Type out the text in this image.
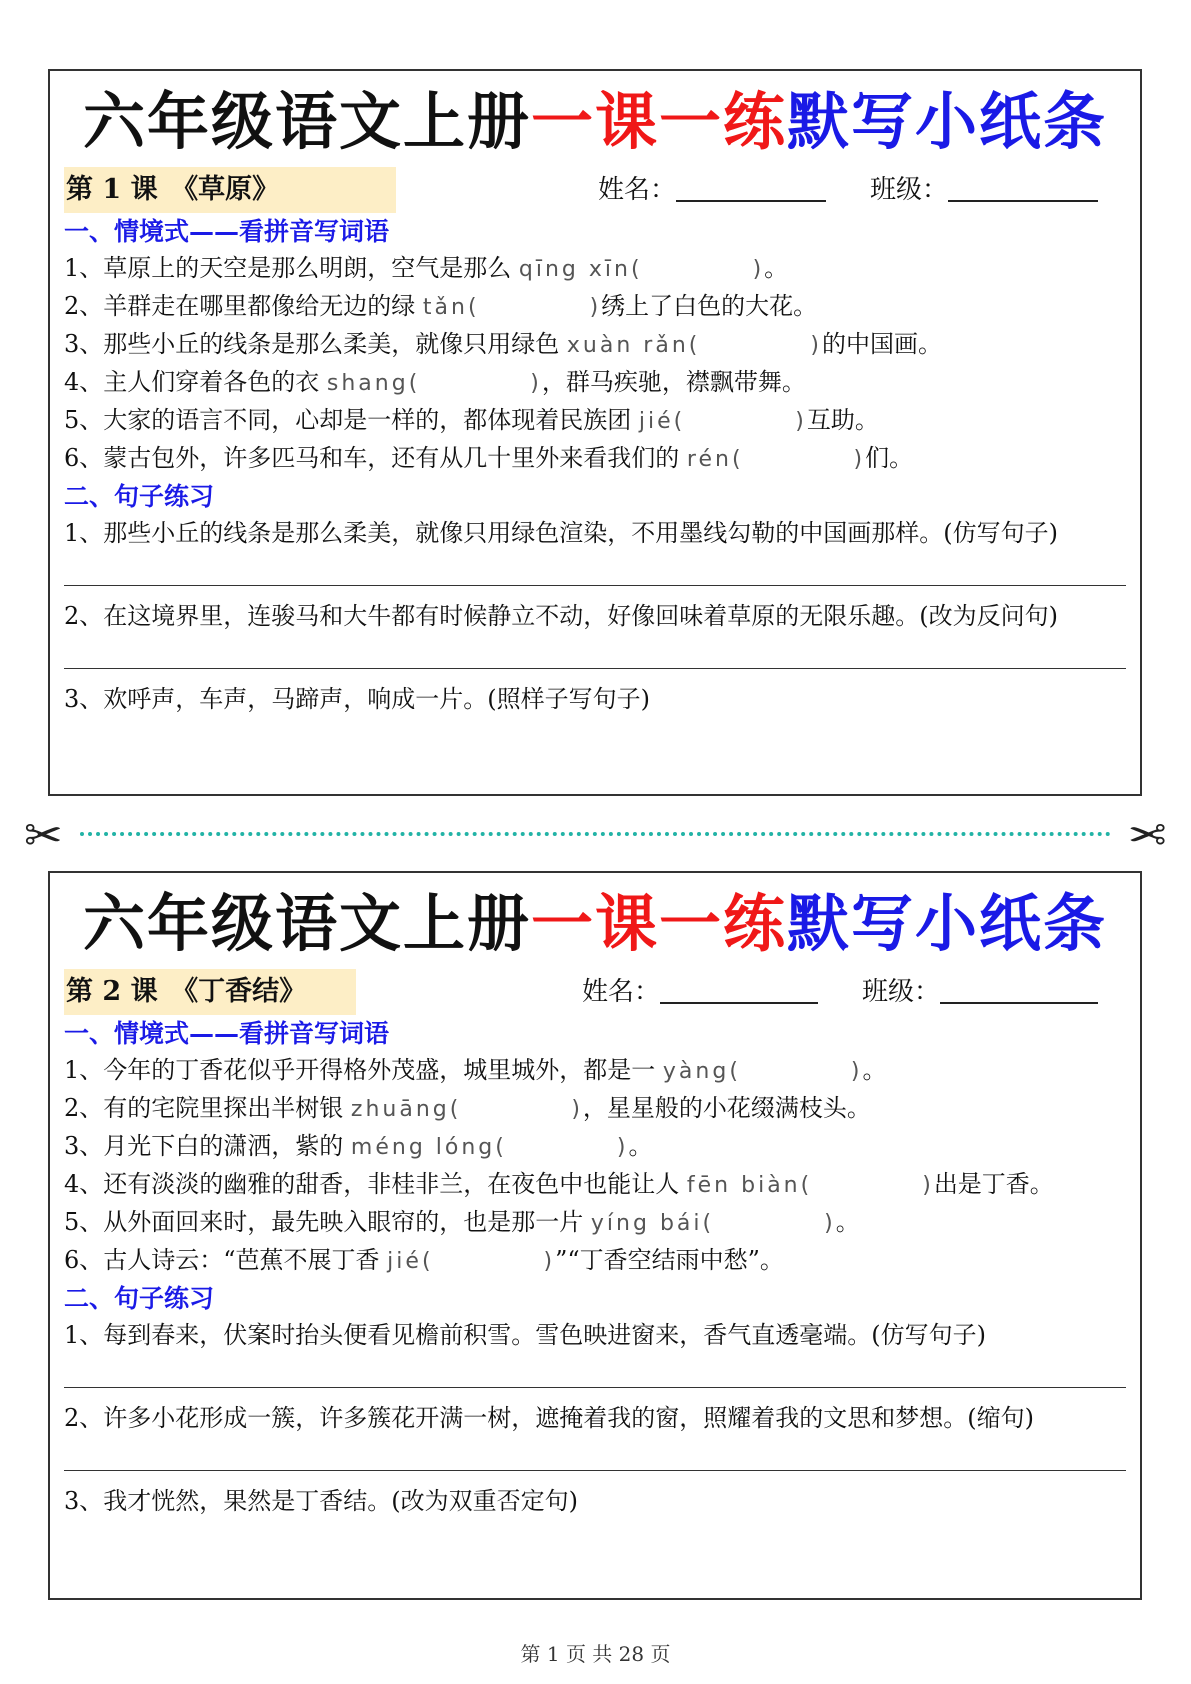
六年级语文上册一课一练默写小纸条
第 1 课　《草原》	姓名：	班级：
一、情境式——看拼音写词语
1、草原上的天空是那么明朗，空气是那么 qīng xīn(	)。
2、羊群走在哪里都像给无边的绿 tǎn(	)绣上了白色的大花。
3、那些小丘的线条是那么柔美，就像只用绿色 xuàn rǎn(	)的中国画。
4、主人们穿着各色的衣 shang(	)，群马疾驰，襟飘带舞。
5、大家的语言不同，心却是一样的，都体现着民族团 jié(	)互助。
6、蒙古包外，许多匹马和车，还有从几十里外来看我们的 rén(	)们。
二、句子练习
1、那些小丘的线条是那么柔美，就像只用绿色渲染，不用墨线勾勒的中国画那样。(仿写句子)
2、在这境界里，连骏马和大牛都有时候静立不动，好像回味着草原的无限乐趣。(改为反问句)
3、欢呼声，车声，马蹄声，响成一片。(照样子写句子)
✂	✂
六年级语文上册一课一练默写小纸条
第 2 课　《丁香结》	姓名：	班级：
一、情境式——看拼音写词语
1、今年的丁香花似乎开得格外茂盛，城里城外，都是一 yàng(	)。
2、有的宅院里探出半树银 zhuāng(	)，星星般的小花缀满枝头。
3、月光下白的潇洒，紫的 méng lóng(	)。
4、还有淡淡的幽雅的甜香，非桂非兰，在夜色中也能让人 fēn biàn(	)出是丁香。
5、从外面回来时，最先映入眼帘的，也是那一片 yíng bái(	)。
6、古人诗云：“芭蕉不展丁香 jié(	)”“丁香空结雨中愁”。
二、句子练习
1、每到春来，伏案时抬头便看见檐前积雪。雪色映进窗来，香气直透毫端。(仿写句子)
2、许多小花形成一簇，许多簇花开满一树，遮掩着我的窗，照耀着我的文思和梦想。(缩句)
3、我才恍然，果然是丁香结。(改为双重否定句)
第 1 页 共 28 页
